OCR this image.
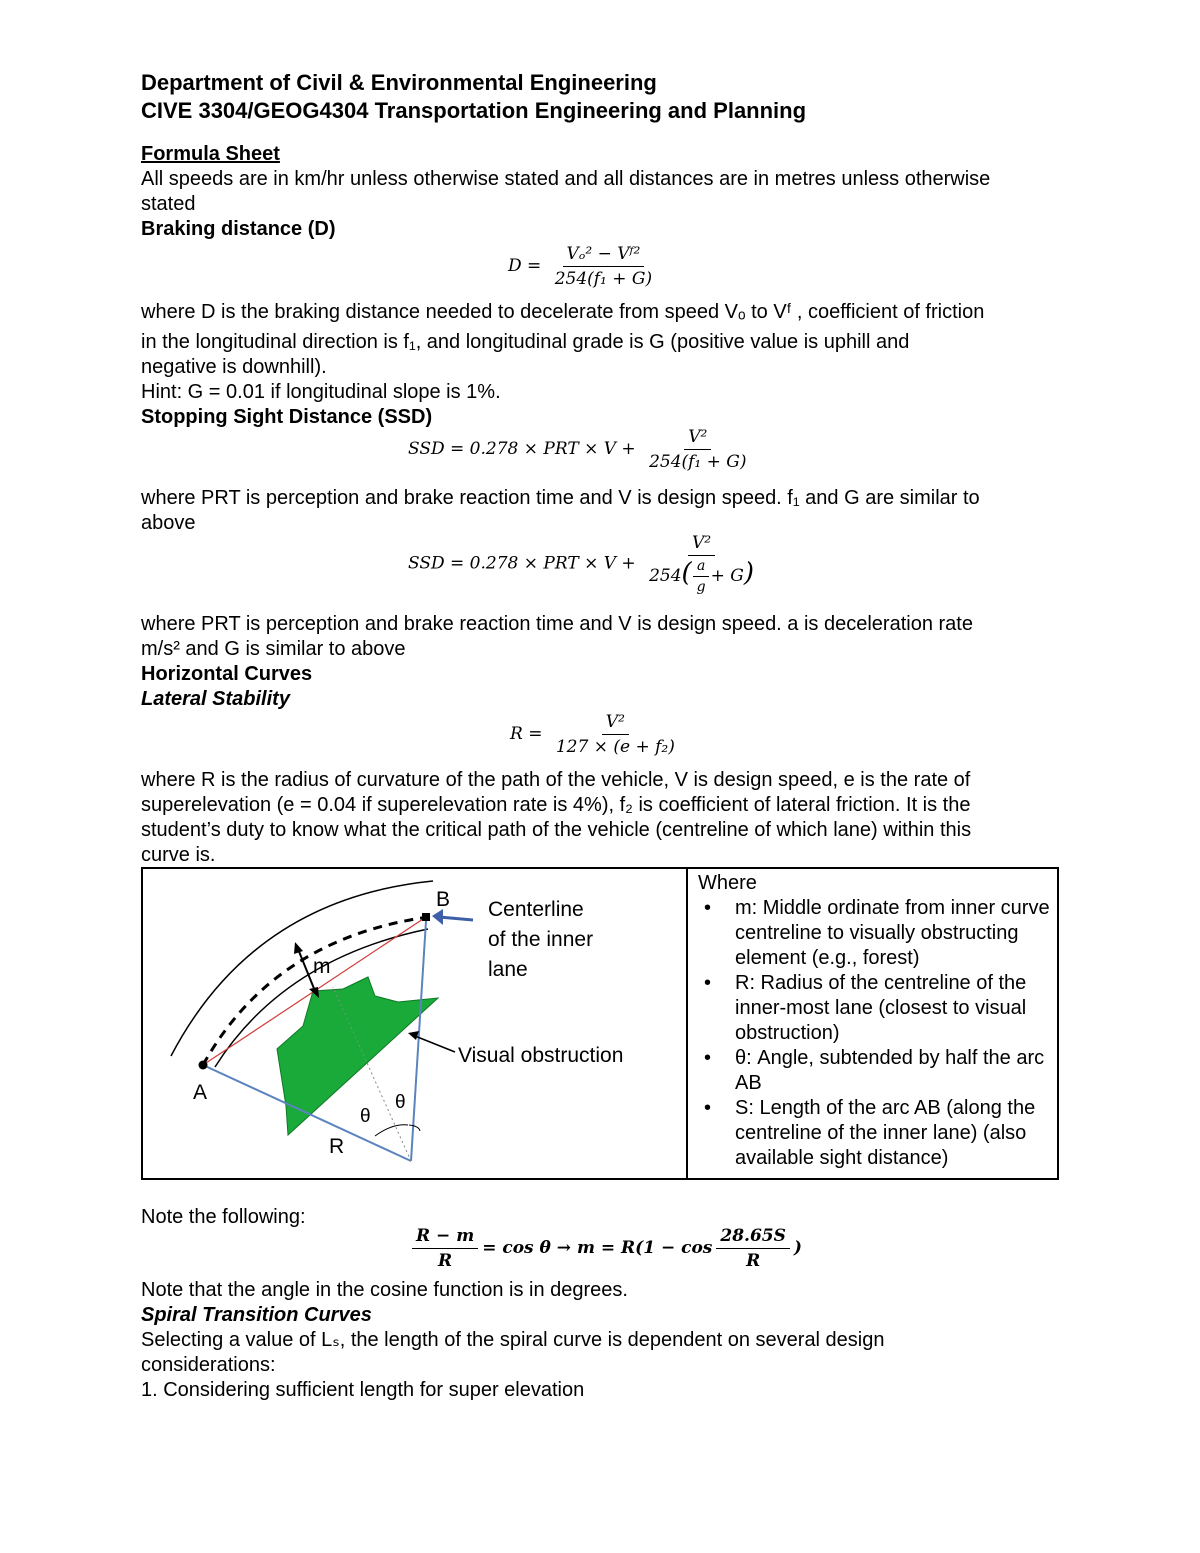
Department of Civil & Environmental Engineering
CIVE 3304/GEOG4304 Transportation Engineering and Planning
Formula Sheet
All speeds are in km/hr unless otherwise stated and all distances are in metres unless otherwise
stated
Braking distance (D)
$D = \frac{\text{Vₒ² − Vᶠ²}}{\text{254(f₁ + G)}}$
where D is the braking distance needed to decelerate from speed Vₒ to Vᶠ , coefficient of friction
in the longitudinal direction is f₁, and longitudinal grade is G (positive value is uphill and
negative is downhill).
Hint: G = 0.01 if longitudinal slope is 1%.
Stopping Sight Distance (SSD)
SSD = 0.278 × PRT × $V + \frac{\text{V²}}{\text{254(f₁ + G)}}$
where PRT is perception and brake reaction time and V is design speed. f₁ and G are similar to
above
SSD = 0.278 × PRT × $V + \frac{\text{V²}}{254( \frac{a}{g} + G)}$
where PRT is perception and brake reaction time and V is design speed. a is deceleration rate
m/s² and G is similar to above
Horizontal Curves
Lateral Stability
$R = \frac{\text{V²}}{\text{127 × (e + f₂)}}$
where R is the radius of curvature of the path of the vehicle, V is design speed, e is the rate of
superelevation (e = 0.04 if superelevation rate is 4%), f₂ is coefficient of lateral friction. It is the
student’s duty to know what the critical path of the vehicle (centreline of which lane) within this
curve is.
B
A
m
R
θ
θ
Centerline
of the inner
lane
Visual obstruction

Where
• m: Middle ordinate from inner curve centreline to visually obstructing element (e.g., forest)
• R: Radius of the centreline of the inner-most lane (closest to visual obstruction)
• θ: Angle, subtended by half the arc AB
• S: Length of the arc AB (along the centreline of the inner lane) (also available sight distance)
Note the following:
$\frac{R - m}{R} = \cos \theta \to m = R(1 - \cos \frac{28.65S}{R}$ )
Note that the angle in the cosine function is in degrees.
Spiral Transition Curves
Selecting a value of Lₛ, the length of the spiral curve is dependent on several design
considerations:
1. Considering sufficient length for super elevation
